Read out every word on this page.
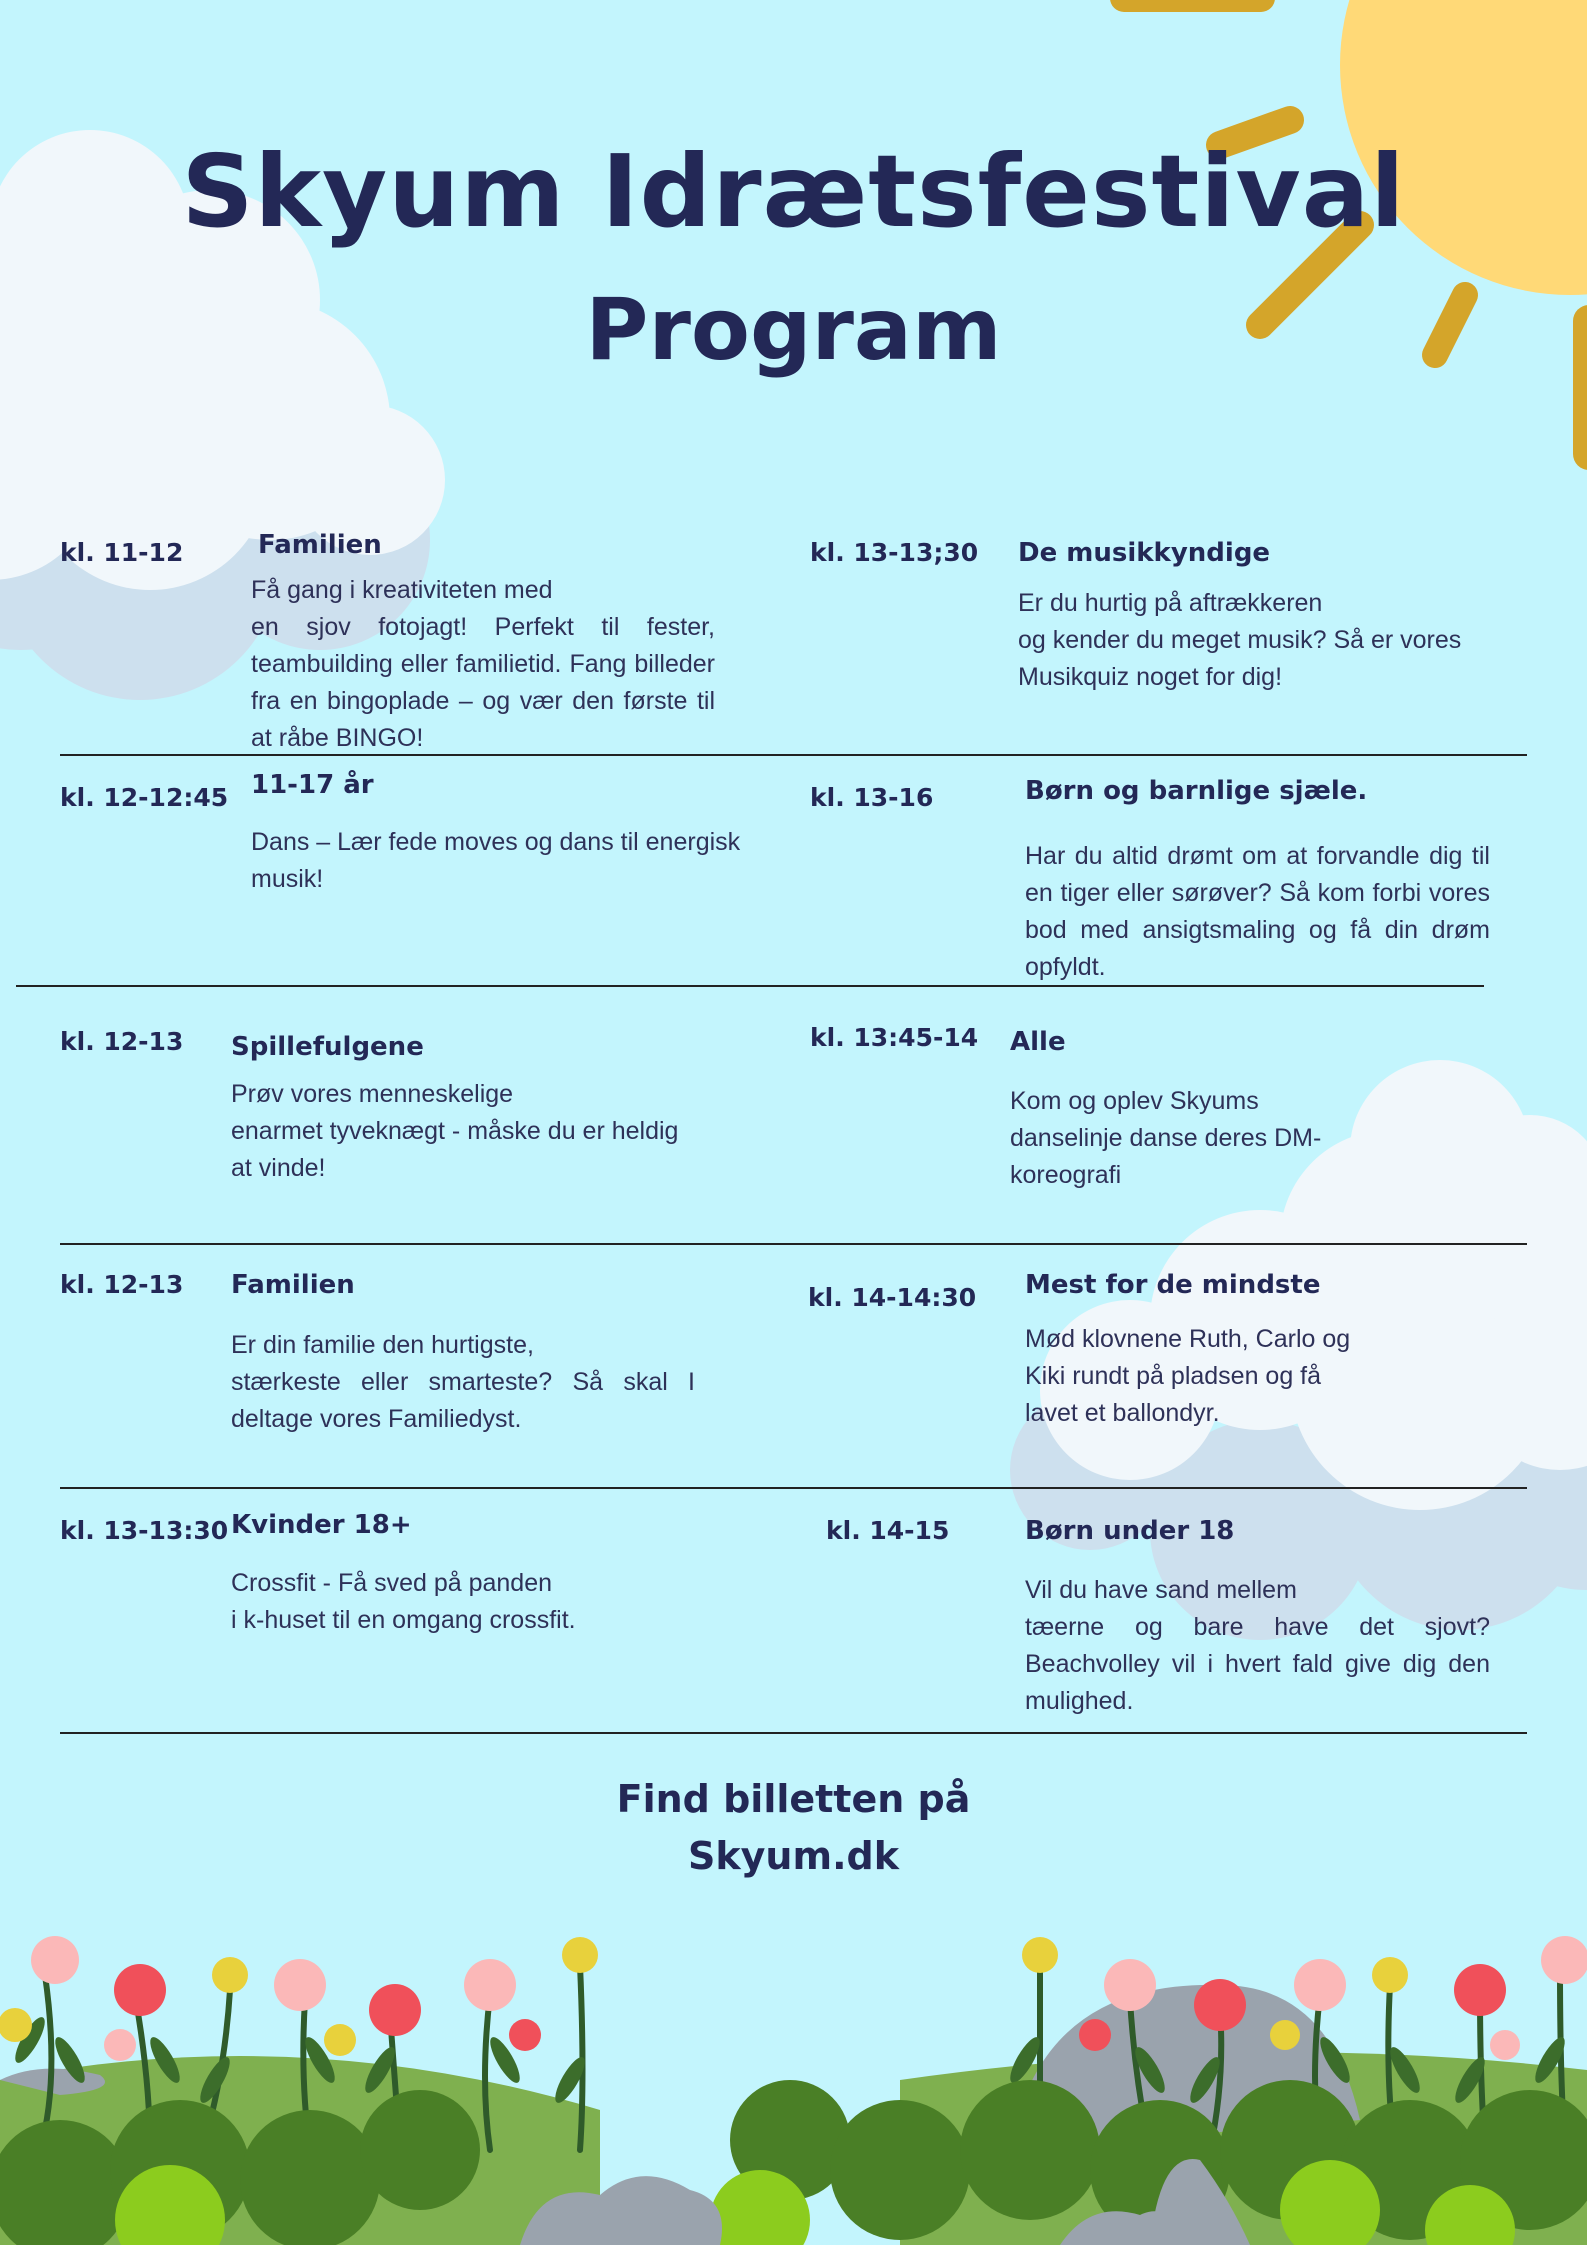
Skyum Idrætsfestival
Program
kl. 11-12	Familien
Få gang i kreativiteten med
en sjov fotojagt! Perfekt til fester, teambuilding eller familietid. Fang billeder fra en bingoplade – og vær den første til at råbe BINGO!
kl. 13-13;30 De musikkyndige
Er du hurtig på aftrækkeren
og kender du meget musik? Så er vores Musikquiz noget for dig!
kl. 12-12:45 11-17 år
Dans – Lær fede moves og dans til energisk musik!
kl. 13-16	Børn og barnlige sjæle.
Har du altid drømt om at forvandle dig til en tiger eller sørøver? Så kom forbi vores bod med ansigtsmaling og få din drøm opfyldt.
kl. 12-13 Spillefulgene
Prøv vores menneskelige
enarmet tyveknægt - måske du er heldig at vinde!
kl. 13:45-14 Alle
Kom og oplev Skyums
danselinje danse deres DM-
koreografi
kl. 12-13 Familien
Er din familie den hurtigste,
stærkeste eller smarteste? Så skal I deltage vores Familiedyst.
kl. 14-14:30 Mest for de mindste
Mød klovnene Ruth, Carlo og
Kiki rundt på pladsen og få
lavet et ballondyr.
kl. 13-13:30 Kvinder 18+
Crossfit - Få sved på panden
i k-huset til en omgang crossfit.
kl. 14-15	Børn under 18
Vil du have sand mellem
tæerne og bare have det sjovt? Beachvolley vil i hvert fald give dig den mulighed.
Find billetten på
Skyum.dk
